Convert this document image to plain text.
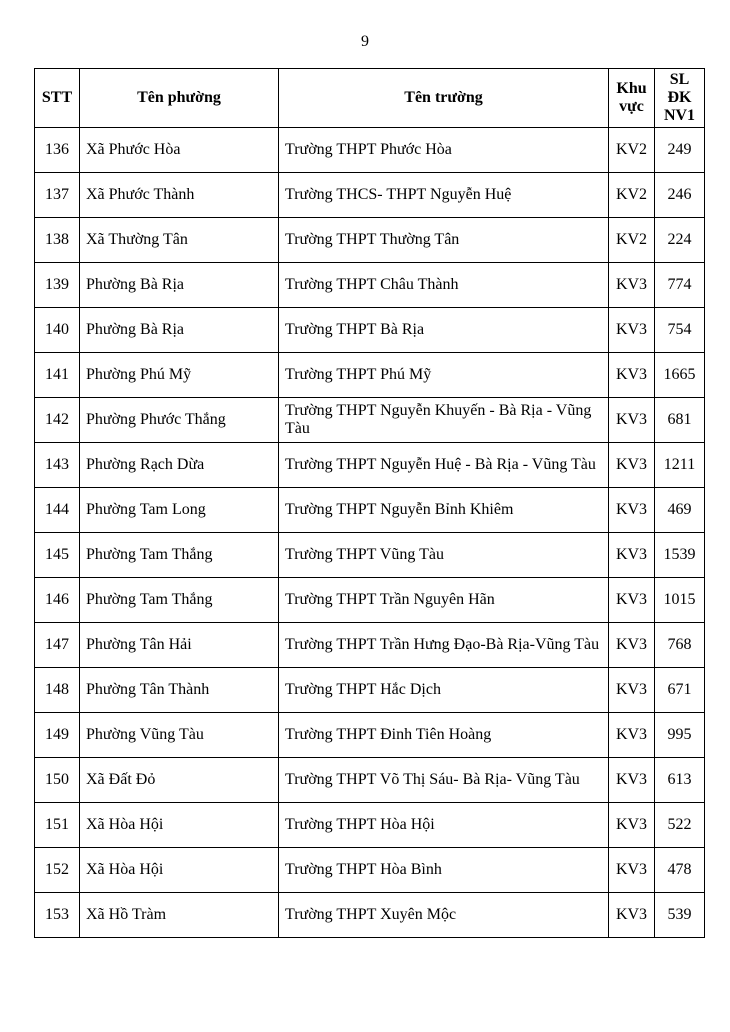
9
STT	Tên phường	Tên trường	Khu vực	SL ĐK NV1
136	Xã Phước Hòa	Trường THPT Phước Hòa	KV2	249
137	Xã Phước Thành	Trường THCS- THPT Nguyễn Huệ	KV2	246
138	Xã Thường Tân	Trường THPT Thường Tân	KV2	224
139	Phường Bà Rịa	Trường THPT Châu Thành	KV3	774
140	Phường Bà Rịa	Trường THPT Bà Rịa	KV3	754
141	Phường Phú Mỹ	Trường THPT Phú Mỹ	KV3	1665
142	Phường Phước Thắng	Trường THPT Nguyễn Khuyến - Bà Rịa - Vũng Tàu	KV3	681
143	Phường Rạch Dừa	Trường THPT Nguyễn Huệ - Bà Rịa - Vũng Tàu	KV3	1211
144	Phường Tam Long	Trường THPT Nguyễn Bỉnh Khiêm	KV3	469
145	Phường Tam Thắng	Trường THPT Vũng Tàu	KV3	1539
146	Phường Tam Thắng	Trường THPT Trần Nguyên Hãn	KV3	1015
147	Phường Tân Hải	Trường THPT Trần Hưng Đạo-Bà Rịa-Vũng Tàu	KV3	768
148	Phường Tân Thành	Trường THPT Hắc Dịch	KV3	671
149	Phường Vũng Tàu	Trường THPT Đinh Tiên Hoàng	KV3	995
150	Xã Đất Đỏ	Trường THPT Võ Thị Sáu- Bà Rịa- Vũng Tàu	KV3	613
151	Xã Hòa Hội	Trường THPT Hòa Hội	KV3	522
152	Xã Hòa Hội	Trường THPT Hòa Bình	KV3	478
153	Xã Hồ Tràm	Trường THPT Xuyên Mộc	KV3	539
